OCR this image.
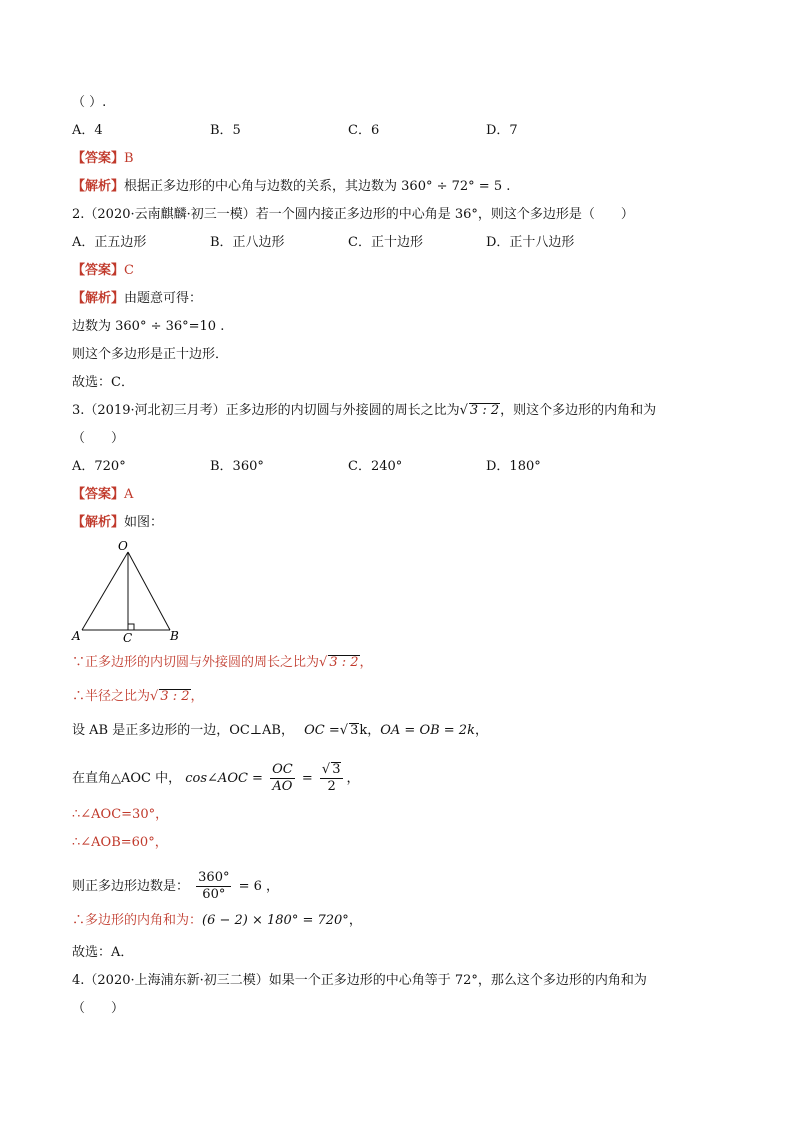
（ ）.
A．4	B．5	C．6	D．7
【答案】B
【解析】根据正多边形的中心角与边数的关系，其边数为 360° ÷ 72° = 5 .
2.（2020·云南麒麟·初三一模）若一个圆内接正多边形的中心角是 36°，则这个多边形是（　　）
A．正五边形	B．正八边形	C．正十边形	D．正十八边形
【答案】C
【解析】由题意可得：
边数为 360° ÷ 36°=10 .
则这个多边形是正十边形．
故选：C．
3.（2019·河北初三月考）正多边形的内切圆与外接圆的周长之比为√ 3 : 2，则这个多边形的内角和为
（　　）
A．720°	B．360°	C．240°	D．180°
【答案】A
【解析】如图：
O
A	C	B
∵正多边形的内切圆与外接圆的周长之比为√ 3 : 2，
∴半径之比为√ 3 : 2，
设 AB 是正多边形的一边，OC⊥AB， OC =√ 3k，OA = OB = 2k，
在直角△AOC 中， cos∠AOC = $\frac{OC}{AO} = \frac{√ 3}{2}$ ，
∴∠AOC=30°，
∴∠AOB=60°，
则正多边形边数是： $\frac{360^\circ}{60^\circ} = 6$ ，
∴多边形的内角和为：(6 − 2) × 180° = 720°，
故选：A．
4.（2020·上海浦东新·初三二模）如果一个正多边形的中心角等于 72°，那么这个多边形的内角和为
（　　）
